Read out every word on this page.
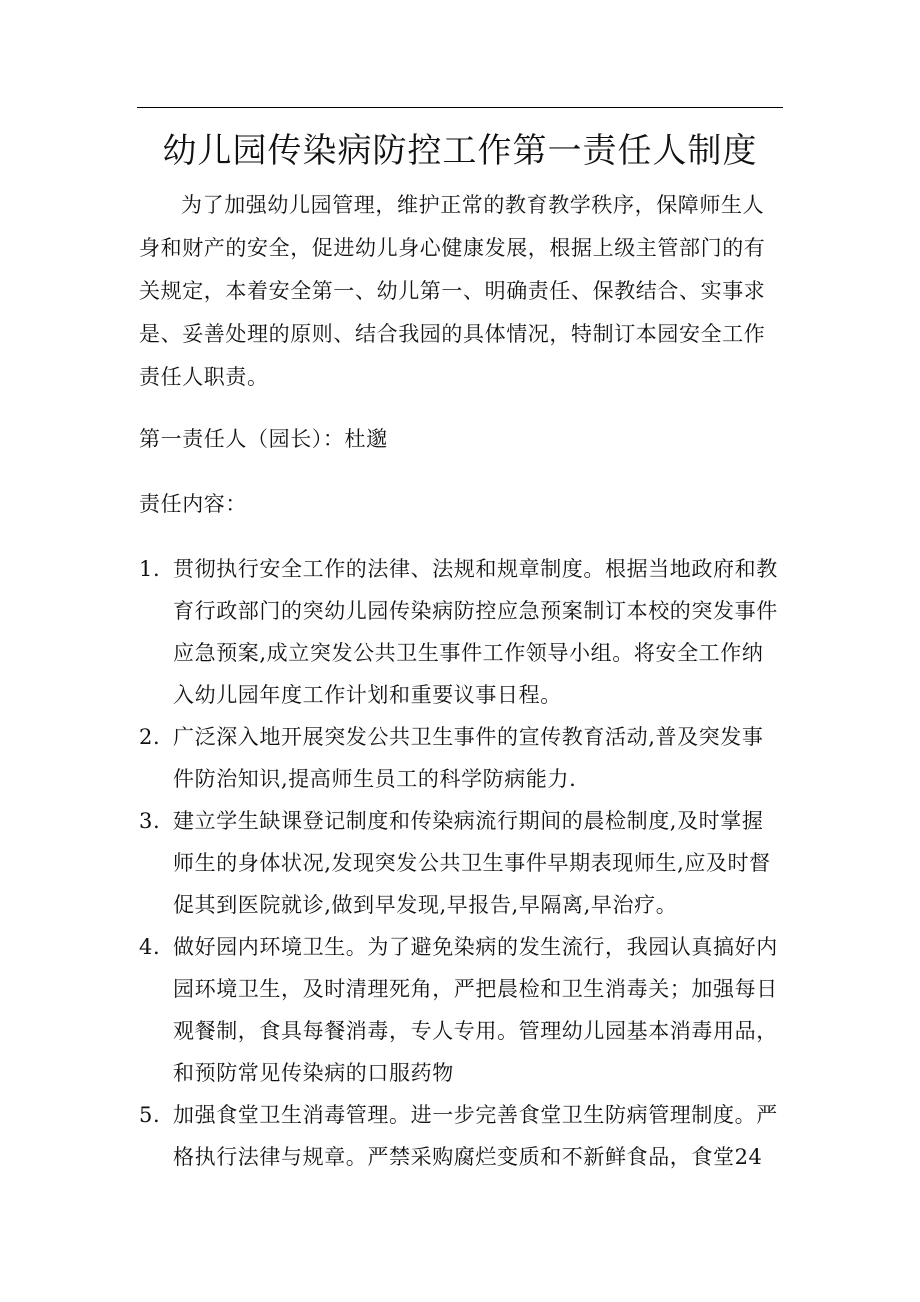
幼儿园传染病防控工作第一责任人制度
为了加强幼儿园管理，维护正常的教育教学秩序，保障师生人身和财产的安全，促进幼儿身心健康发展，根据上级主管部门的有关规定，本着安全第一、幼儿第一、明确责任、保教结合、实事求是、妥善处理的原则、结合我园的具体情况，特制订本园安全工作责任人职责。
第一责任人（园长）：杜邈
责任内容：
1. 贯彻执行安全工作的法律、法规和规章制度。根据当地政府和教育行政部门的突幼儿园传染病防控应急预案制订本校的突发事件应急预案,成立突发公共卫生事件工作领导小组。将安全工作纳入幼儿园年度工作计划和重要议事日程。
2. 广泛深入地开展突发公共卫生事件的宣传教育活动,普及突发事件防治知识,提高师生员工的科学防病能力.
3. 建立学生缺课登记制度和传染病流行期间的晨检制度,及时掌握师生的身体状况,发现突发公共卫生事件早期表现师生,应及时督促其到医院就诊,做到早发现,早报告,早隔离,早治疗。
4. 做好园内环境卫生。为了避免染病的发生流行，我园认真搞好内园环境卫生，及时清理死角，严把晨检和卫生消毒关；加强每日观餐制，食具每餐消毒，专人专用。管理幼儿园基本消毒用品，和预防常见传染病的口服药物
5. 加强食堂卫生消毒管理。进一步完善食堂卫生防病管理制度。严格执行法律与规章。严禁采购腐烂变质和不新鲜食品，食堂24
